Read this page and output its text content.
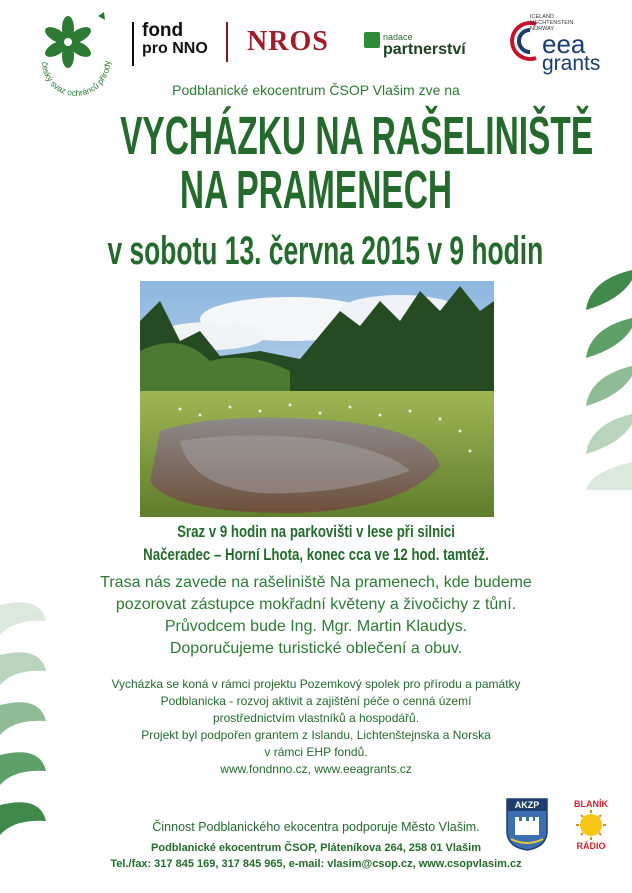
český svaz ochránců přírody
fond
pro NNO NROS	nadace
partnerství
ICELAND
LIECHTENSTEIN
NORWAY
eea
grants
Podblanické ekocentrum ČSOP Vlašim zve na
VYCHÁZKU NA RAŠELINIŠTĚ
NA PRAMENECH
v sobotu 13. června 2015 v 9 hodin
Sraz v 9 hodin na parkovišti v lese při silnici
Načeradec – Horní Lhota, konec cca ve 12 hod. tamtéž.
Trasa nás zavede na rašeliniště Na pramenech, kde budeme
pozorovat zástupce mokřadní květeny a živočichy z tůní.
Průvodcem bude Ing. Mgr. Martin Klaudys.
Doporučujeme turistické oblečení a obuv.
Vycházka se koná v rámci projektu Pozemkový spolek pro přírodu a památky
Podblanicka - rozvoj aktivit a zajištění péče o cenná území
prostřednictvím vlastníků a hospodářů.
Projekt byl podpořen grantem z Islandu, Lichtenštejnska a Norska
v rámci EHP fondů.
www.fondnno.cz, www.eeagrants.cz
Činnost Podblanického ekocentra podporuje Město Vlašim.
Podblanické ekocentrum ČSOP, Pláteníkova 264, 258 01 Vlašim
Tel./fax: 317 845 169, 317 845 965, e-mail: vlasim@csop.cz, www.csopvlasim.cz
AKZP	BLANÍK
RÁDIO
